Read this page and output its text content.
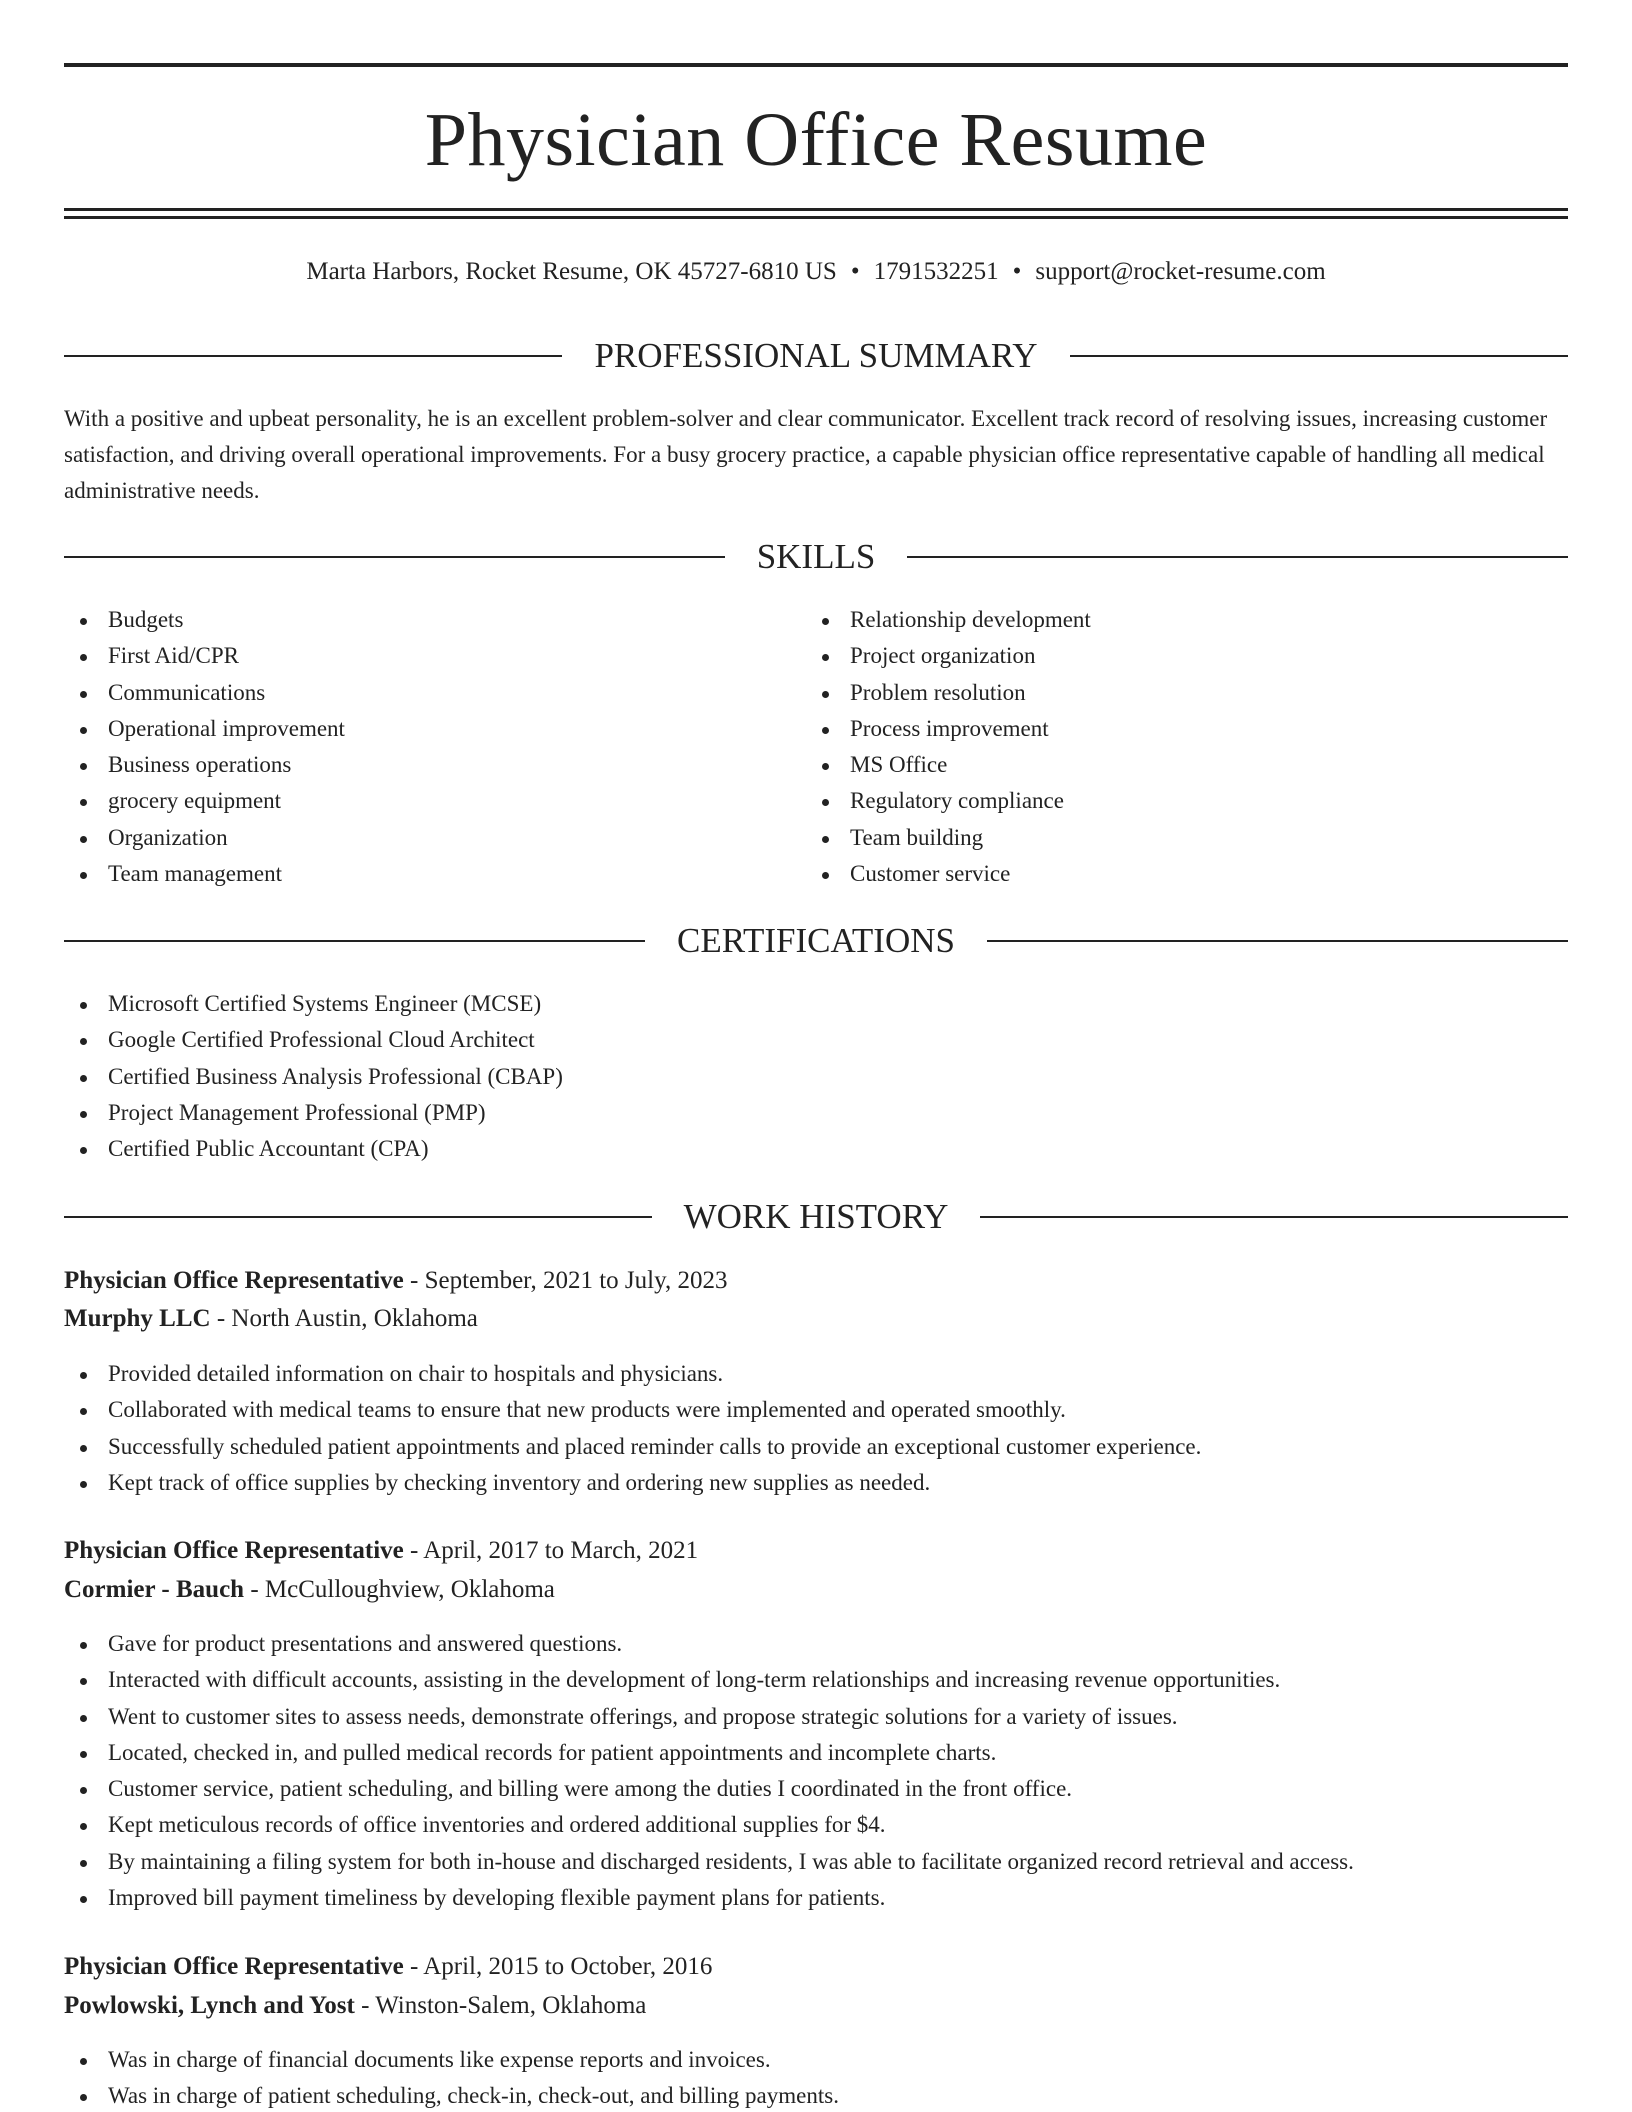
Physician Office Resume
Marta Harbors, Rocket Resume, OK 45727-6810 US • 1791532251 • support@rocket-resume.com
PROFESSIONAL SUMMARY

With a positive and upbeat personality, he is an excellent problem-solver and clear communicator. Excellent track record of resolving issues, increasing customer satisfaction, and driving overall operational improvements. For a busy grocery practice, a capable physician office representative capable of handling all medical administrative needs.

SKILLS
Budgets
First Aid/CPR
Communications
Operational improvement
Business operations
grocery equipment
Organization
Team management
Relationship development
Project organization
Problem resolution
Process improvement
MS Office
Regulatory compliance
Team building
Customer service
CERTIFICATIONS
Microsoft Certified Systems Engineer (MCSE)
Google Certified Professional Cloud Architect
Certified Business Analysis Professional (CBAP)
Project Management Professional (PMP)
Certified Public Accountant (CPA)
WORK HISTORY
Physician Office Representative - September, 2021 to July, 2023
Murphy LLC - North Austin, Oklahoma
Provided detailed information on chair to hospitals and physicians.
Collaborated with medical teams to ensure that new products were implemented and operated smoothly.
Successfully scheduled patient appointments and placed reminder calls to provide an exceptional customer experience.
Kept track of office supplies by checking inventory and ordering new supplies as needed.
Physician Office Representative - April, 2017 to March, 2021
Cormier - Bauch - McCulloughview, Oklahoma
Gave for product presentations and answered questions.
Interacted with difficult accounts, assisting in the development of long-term relationships and increasing revenue opportunities.
Went to customer sites to assess needs, demonstrate offerings, and propose strategic solutions for a variety of issues.
Located, checked in, and pulled medical records for patient appointments and incomplete charts.
Customer service, patient scheduling, and billing were among the duties I coordinated in the front office.
Kept meticulous records of office inventories and ordered additional supplies for $4.
By maintaining a filing system for both in-house and discharged residents, I was able to facilitate organized record retrieval and access.
Improved bill payment timeliness by developing flexible payment plans for patients.
Physician Office Representative - April, 2015 to October, 2016
Powlowski, Lynch and Yost - Winston-Salem, Oklahoma
Was in charge of financial documents like expense reports and invoices.
Was in charge of patient scheduling, check-in, check-out, and billing payments.
